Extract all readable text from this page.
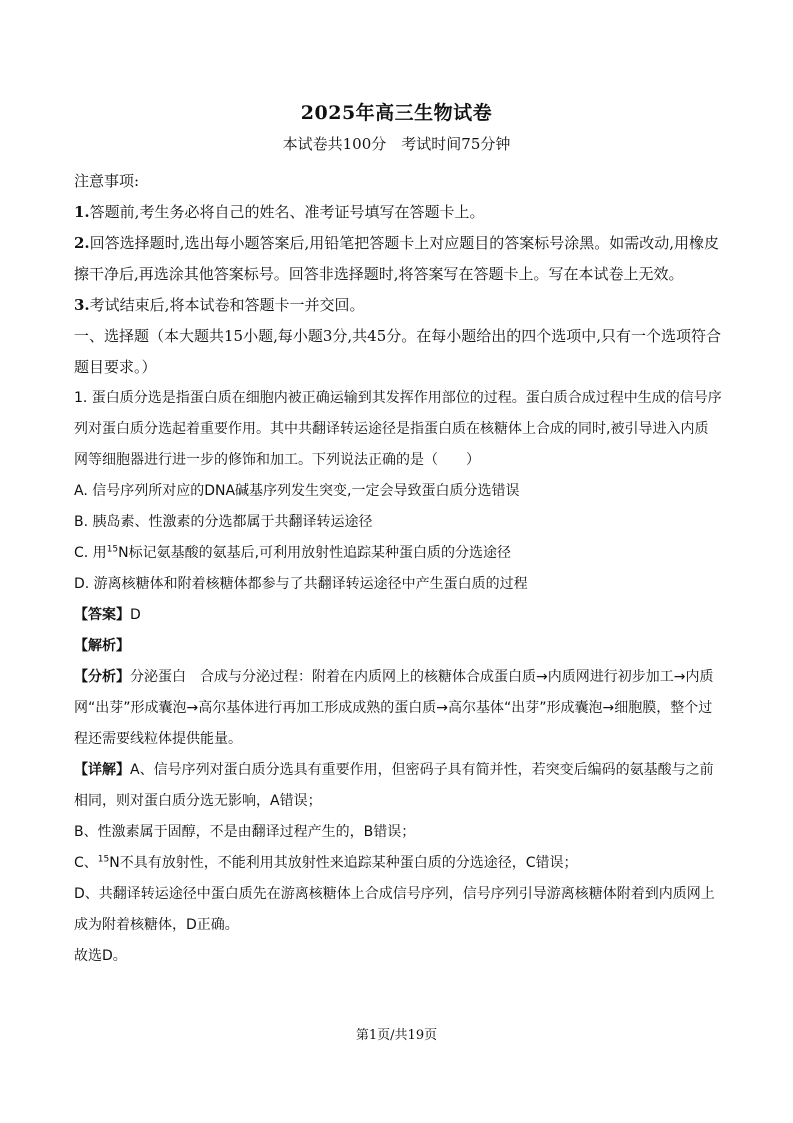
2025年高三生物试卷
本试卷共100分　考试时间75分钟

注意事项:

1.答题前,考生务必将自己的姓名、准考证号填写在答题卡上。

2.回答选择题时,选出每小题答案后,用铅笔把答题卡上对应题目的答案标号涂黑。如需改动,用橡皮擦干净后,再选涂其他答案标号。回答非选择题时,将答案写在答题卡上。写在本试卷上无效。

3.考试结束后,将本试卷和答题卡一并交回。

一、选择题（本大题共15小题,每小题3分,共45分。在每小题给出的四个选项中,只有一个选项符合题目要求。）

1. 蛋白质分选是指蛋白质在细胞内被正确运输到其发挥作用部位的过程。蛋白质合成过程中生成的信号序列对蛋白质分选起着重要作用。其中共翻译转运途径是指蛋白质在核糖体上合成的同时,被引导进入内质网等细胞器进行进一步的修饰和加工。下列说法正确的是（　　）

A. 信号序列所对应的DNA碱基序列发生突变,一定会导致蛋白质分选错误

B. 胰岛素、性激素的分选都属于共翻译转运途径

C. 用$^{15}$N标记氨基酸的氨基后,可利用放射性追踪某种蛋白质的分选途径

D. 游离核糖体和附着核糖体都参与了共翻译转运途径中产生蛋白质的过程

【答案】D

【解析】

【分析】分泌蛋白　合成与分泌过程：附着在内质网上的核糖体合成蛋白质→内质网进行初步加工→内质网“出芽”形成囊泡→高尔基体进行再加工形成成熟的蛋白质→高尔基体“出芽”形成囊泡→细胞膜，整个过程还需要线粒体提供能量。

【详解】A、信号序列对蛋白质分选具有重要作用，但密码子具有简并性，若突变后编码的氨基酸与之前相同，则对蛋白质分选无影响，A错误；

B、性激素属于固醇，不是由翻译过程产生的，B错误；

C、$^{15}$N不具有放射性，不能利用其放射性来追踪某种蛋白质的分选途径，C错误；

D、共翻译转运途径中蛋白质先在游离核糖体上合成信号序列，信号序列引导游离核糖体附着到内质网上成为附着核糖体，D正确。

故选D。

第1页/共19页
